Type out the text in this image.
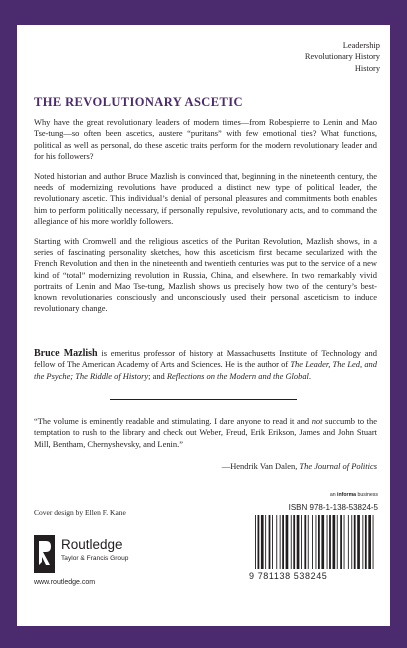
Leadership
Revolutionary History
History
THE REVOLUTIONARY ASCETIC

Why have the great revolutionary leaders of modern times—from Robespierre to Lenin and Mao Tse-tung—so often been ascetics, austere “puritans” with few emotional ties? What functions, political as well as personal, do these ascetic traits perform for the modern revolutionary leader and for his followers?

Noted historian and author Bruce Mazlish is convinced that, beginning in the nineteenth century, the needs of modernizing revolutions have produced a distinct new type of political leader, the revolutionary ascetic. This individual’s denial of personal pleasures and commitments both enables him to perform politically necessary, if personally repulsive, revolutionary acts, and to command the allegiance of his more worldly followers.

Starting with Cromwell and the religious ascetics of the Puritan Revolution, Mazlish shows, in a series of fascinating personality sketches, how this asceticism first became secularized with the French Revolution and then in the nineteenth and twentieth centuries was put to the service of a new kind of “total” modernizing revolution in Russia, China, and elsewhere. In two remarkably vivid portraits of Lenin and Mao Tse-tung, Mazlish shows us precisely how two of the century’s best-known revolutionaries consciously and unconsciously used their personal asceticism to induce revolutionary change.

Bruce Mazlish is emeritus professor of history at Massachusetts Institute of Technology and fellow of The American Academy of Arts and Sciences. He is the author of The Leader, The Led, and the Psyche; The Riddle of History; and Reflections on the Modern and the Global.

“The volume is eminently readable and stimulating. I dare anyone to read it and not succumb to the temptation to rush to the library and check out Weber, Freud, Erik Erikson, James and John Stuart Mill, Bentham, Chernyshevsky, and Lenin.”

—Hendrik Van Dalen, The Journal of Politics
an informa business
ISBN 978-1-138-53824-5
9 781138 538245
Cover design by Ellen F. Kane
Routledge
Taylor & Francis Group
www.routledge.com
